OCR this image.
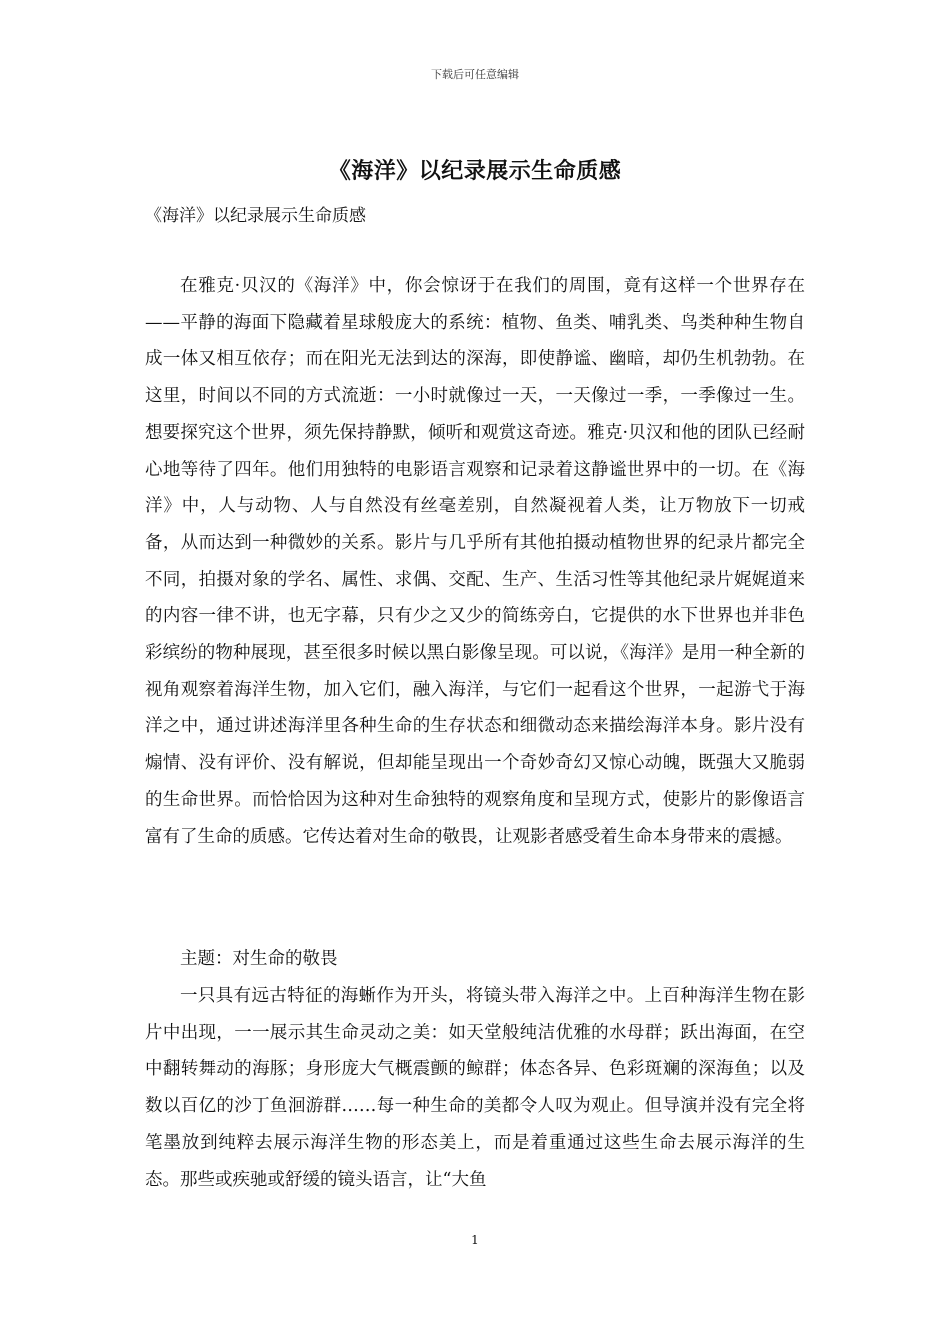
下载后可任意编辑
《海洋》以纪录展示生命质感
《海洋》以纪录展示生命质感

在雅克·贝汉的《海洋》中，你会惊讶于在我们的周围，竟有这样一个世界存在——平静的海面下隐藏着星球般庞大的系统：植物、鱼类、哺乳类、鸟类种种生物自成一体又相互依存；而在阳光无法到达的深海，即使静谧、幽暗，却仍生机勃勃。在这里，时间以不同的方式流逝：一小时就像过一天，一天像过一季，一季像过一生。想要探究这个世界，须先保持静默，倾听和观赏这奇迹。雅克·贝汉和他的团队已经耐心地等待了四年。他们用独特的电影语言观察和记录着这静谧世界中的一切。在《海洋》中，人与动物、人与自然没有丝毫差别，自然凝视着人类，让万物放下一切戒备，从而达到一种微妙的关系。影片与几乎所有其他拍摄动植物世界的纪录片都完全不同，拍摄对象的学名、属性、求偶、交配、生产、生活习性等其他纪录片娓娓道来的内容一律不讲，也无字幕，只有少之又少的简练旁白，它提供的水下世界也并非色彩缤纷的物种展现，甚至很多时候以黑白影像呈现。可以说，《海洋》是用一种全新的视角观察着海洋生物，加入它们，融入海洋，与它们一起看这个世界，一起游弋于海洋之中，通过讲述海洋里各种生命的生存状态和细微动态来描绘海洋本身。影片没有煽情、没有评价、没有解说，但却能呈现出一个奇妙奇幻又惊心动魄，既强大又脆弱的生命世界。而恰恰因为这种对生命独特的观察角度和呈现方式，使影片的影像语言富有了生命的质感。它传达着对生命的敬畏，让观影者感受着生命本身带来的震撼。

主题：对生命的敬畏

一只具有远古特征的海蜥作为开头，将镜头带入海洋之中。上百种海洋生物在影片中出现，一一展示其生命灵动之美：如天堂般纯洁优雅的水母群；跃出海面，在空中翻转舞动的海豚；身形庞大气概震颤的鲸群；体态各异、色彩斑斓的深海鱼；以及数以百亿的沙丁鱼洄游群……每一种生命的美都令人叹为观止。但导演并没有完全将笔墨放到纯粹去展示海洋生物的形态美上，而是着重通过这些生命去展示海洋的生态。那些或疾驰或舒缓的镜头语言，让“大鱼

1
